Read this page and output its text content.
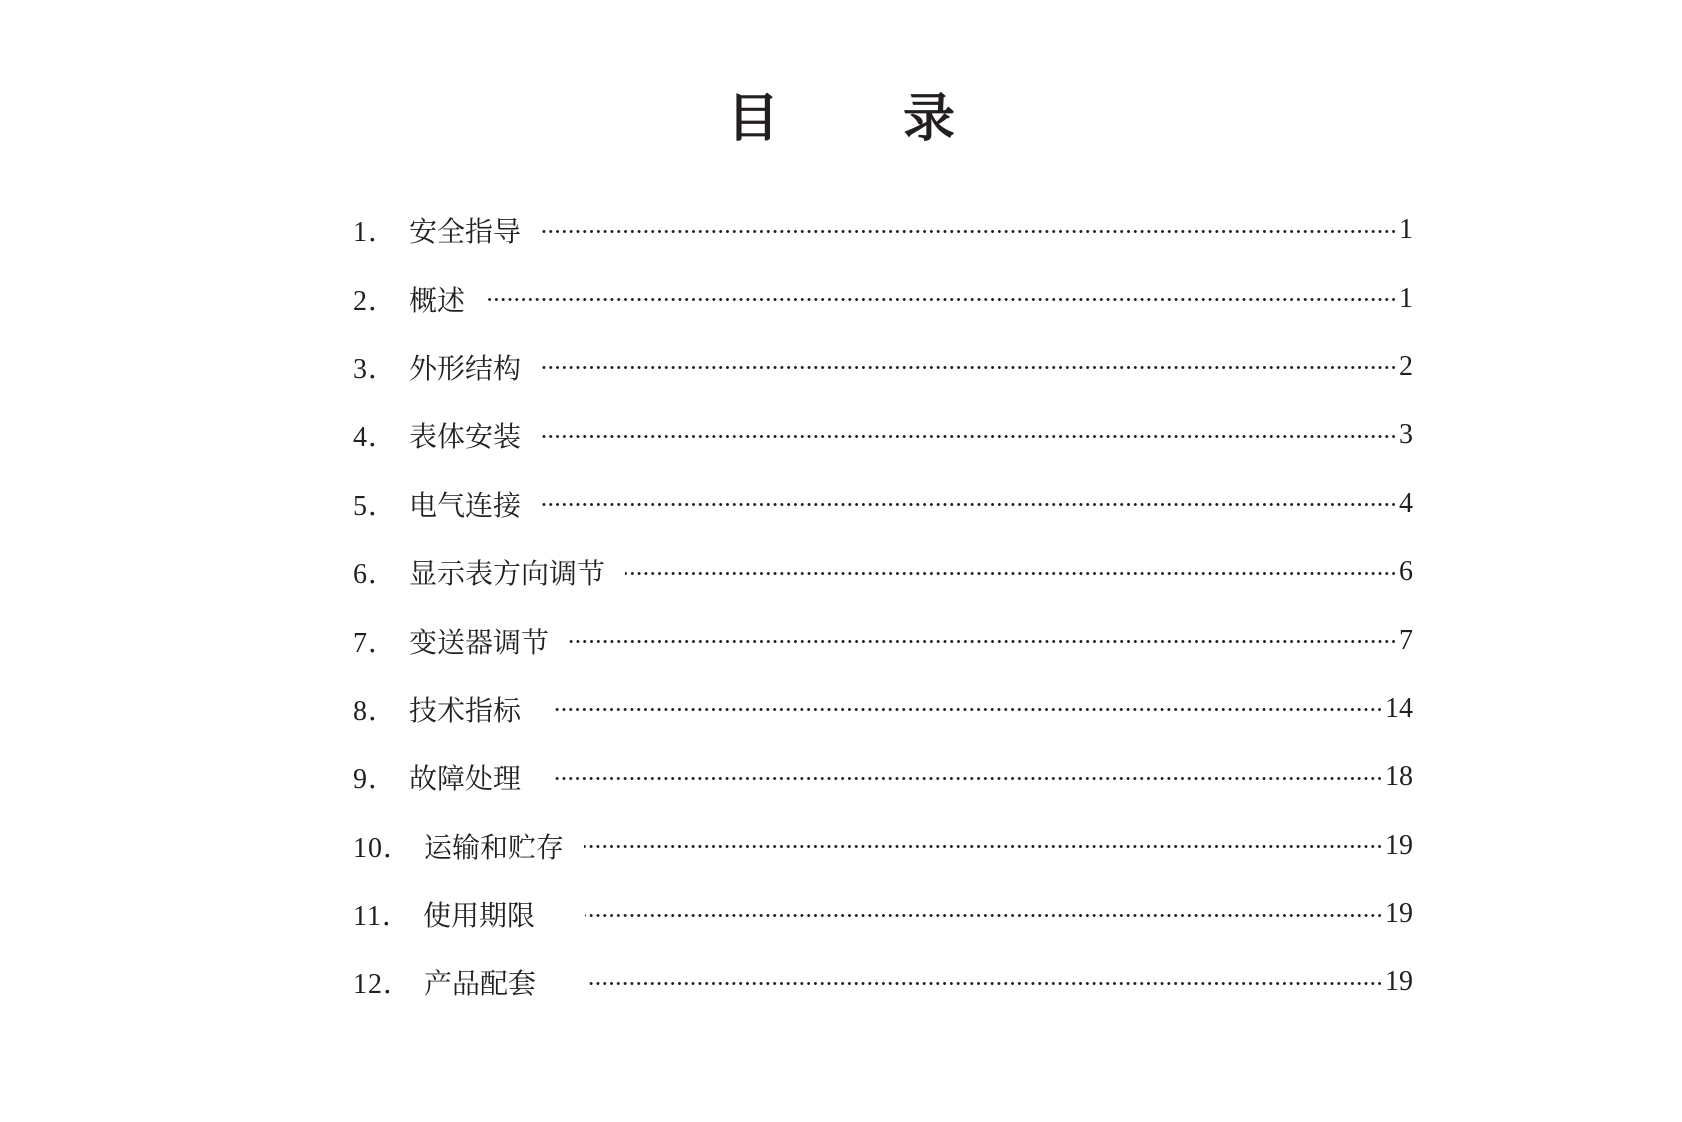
目 录
1． 安全指导	1
2． 概述	1
3． 外形结构	2
4． 表体安装	3
5． 电气连接	4
6． 显示表方向调节	6
7． 变送器调节	7
8． 技术指标	14
9． 故障处理	18
10． 运输和贮存	19
11． 使用期限	19
12． 产品配套	19
